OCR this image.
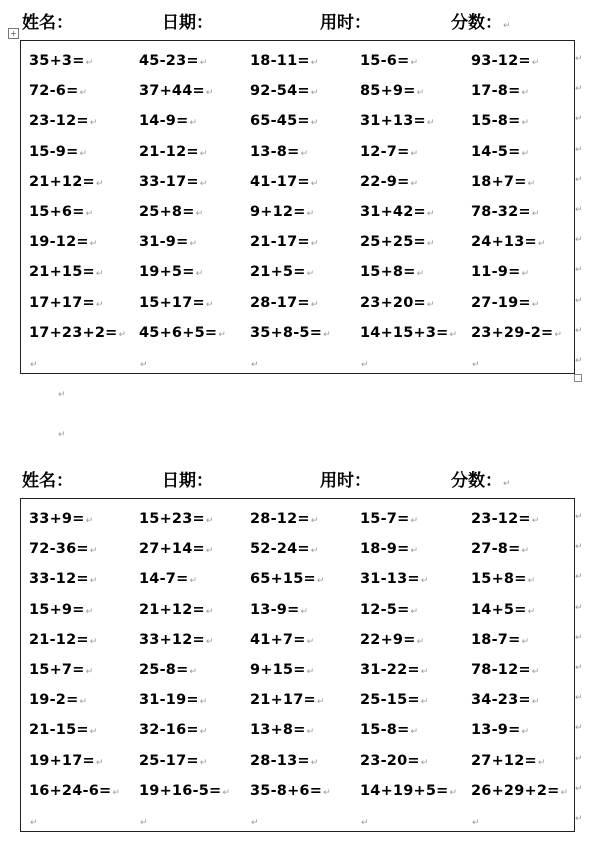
+
姓名：	日期：	用时：	分数：↵
↵
↵
↵
↵
↵
↵
↵
↵
↵
↵
↵
35+3=↵	45-23=↵	18-11=↵	15-6=↵	93-12=↵
72-6=↵	37+44=↵	92-54=↵	85+9=↵	17-8=↵
23-12=↵	14-9=↵	65-45=↵	31+13=↵	15-8=↵
15-9=↵	21-12=↵	13-8=↵	12-7=↵	14-5=↵
21+12=↵ 33-17=↵	41-17=↵	22-9=↵	18+7=↵
15+6=↵	25+8=↵	9+12=↵	31+42=↵	78-32=↵
19-12=↵	31-9=↵	21-17=↵	25+25=↵	24+13=↵
21+15=↵ 19+5=↵	21+5=↵	15+8=↵	11-9=↵
17+17=↵ 15+17=↵	28-17=↵	23+20=↵	27-19=↵
17+23+2=↵ 45+6+5=↵ 35+8-5=↵ 14+15+3=↵ 23+29-2=↵
↵	↵	↵	↵	↵
姓名：	日期：	用时：	分数：↵
↵
↵
↵
↵
↵
↵
↵
↵
↵
↵
↵
33+9=↵	15+23=↵	28-12=↵	15-7=↵	23-12=↵
72-36=↵	27+14=↵	52-24=↵	18-9=↵	27-8=↵
33-12=↵	14-7=↵	65+15=↵ 31-13=↵	15+8=↵
15+9=↵	21+12=↵	13-9=↵	12-5=↵	14+5=↵
21-12=↵	33+12=↵	41+7=↵	22+9=↵	18-7=↵
15+7=↵	25-8=↵	9+15=↵	31-22=↵	78-12=↵
19-2=↵	31-19=↵	21+17=↵ 25-15=↵	34-23=↵
21-15=↵	32-16=↵	13+8=↵	15-8=↵	13-9=↵
19+17=↵ 25-17=↵	28-13=↵	23-20=↵	27+12=↵
16+24-6=↵ 19+16-5=↵ 35-8+6=↵ 14+19+5=↵ 26+29+2=↵
↵	↵	↵	↵	↵
↵
↵
